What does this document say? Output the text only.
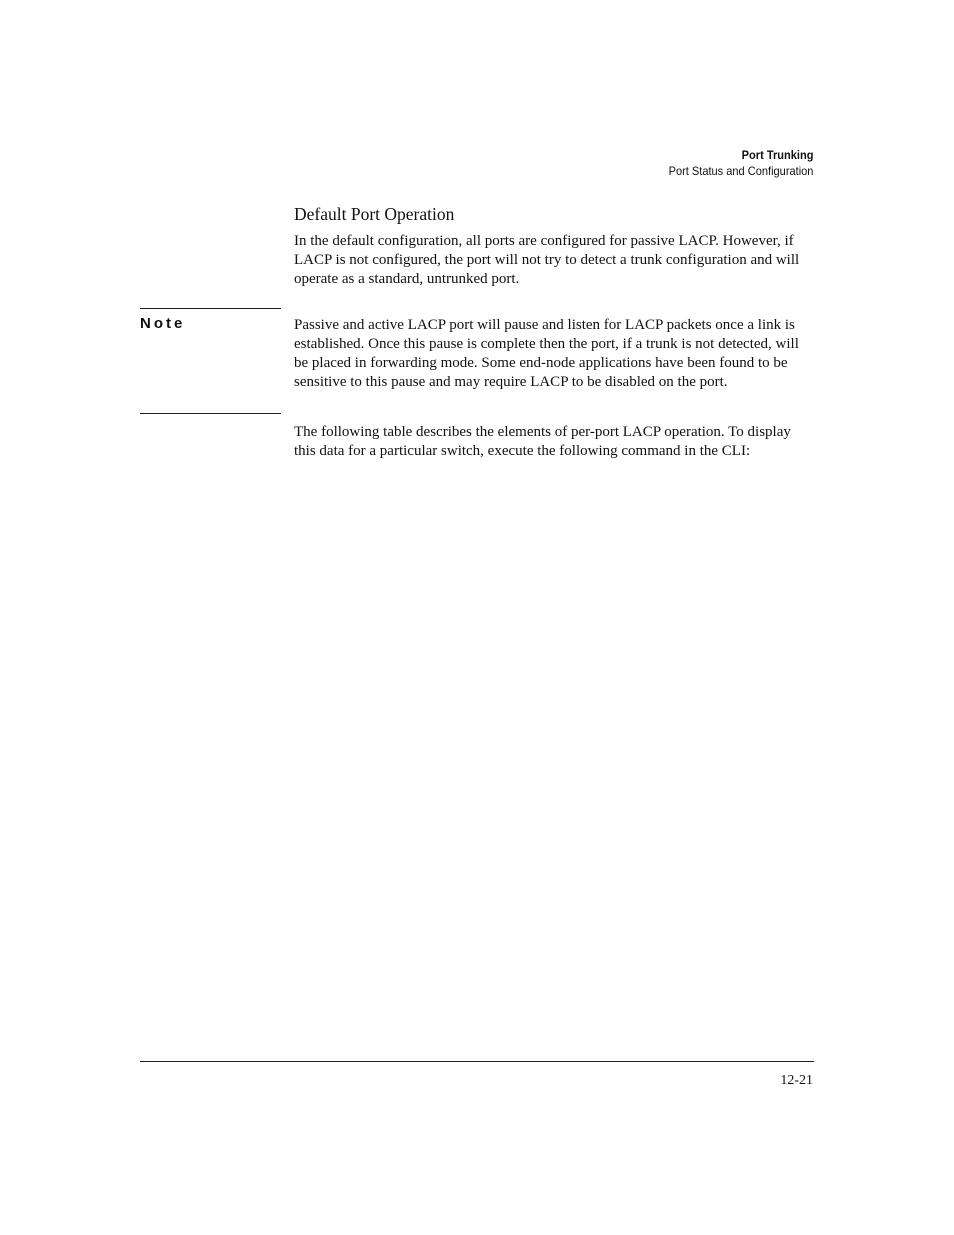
Port Trunking
Port Status and Configuration
Default Port Operation

In the default configuration, all ports are configured for passive LACP. However, if LACP is not configured, the port will not try to detect a trunk configuration and will operate as a standard, untrunked port.

Note	Passive and active LACP port will pause and listen for LACP packets once a link is established. Once this pause is complete then the port, if a trunk is not detected, will be placed in forwarding mode. Some end-node applications have been found to be sensitive to this pause and may require LACP to be disabled on the port.

The following table describes the elements of per-port LACP operation. To display this data for a particular switch, execute the following command in the CLI:

12-21
